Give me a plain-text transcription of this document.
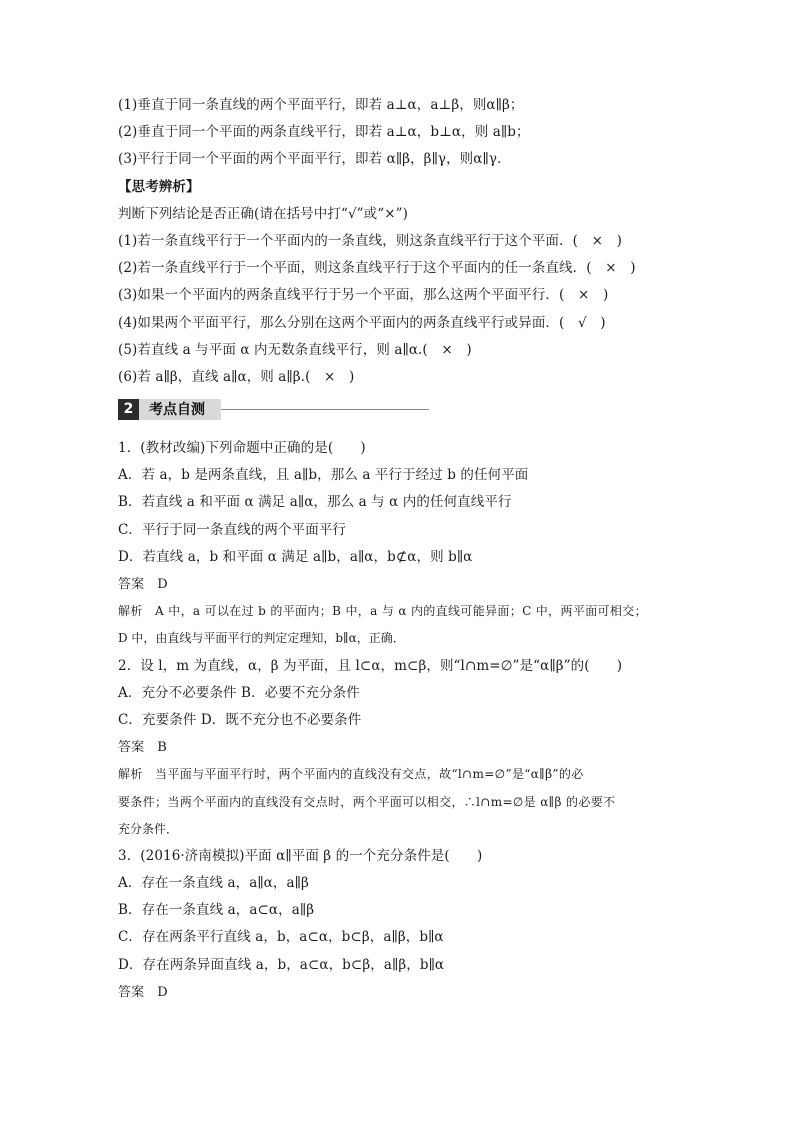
(1)垂直于同一条直线的两个平面平行，即若 a⊥α，a⊥β，则α∥β；
(2)垂直于同一个平面的两条直线平行，即若 a⊥α，b⊥α，则 a∥b；
(3)平行于同一个平面的两个平面平行，即若 α∥β，β∥γ，则α∥γ.
【思考辨析】
判断下列结论是否正确(请在括号中打“√”或“×”)
(1)若一条直线平行于一个平面内的一条直线，则这条直线平行于这个平面．(　×　)
(2)若一条直线平行于一个平面，则这条直线平行于这个平面内的任一条直线．(　×　)
(3)如果一个平面内的两条直线平行于另一个平面，那么这两个平面平行．(　×　)
(4)如果两个平面平行，那么分别在这两个平面内的两条直线平行或异面．(　√　)
(5)若直线 a 与平面 α 内无数条直线平行，则 a∥α.(　×　)
(6)若 a∥β，直线 a∥α，则 a∥β.(　×　)
2	考点自测
1．(教材改编)下列命题中正确的是(　　)
A．若 a，b 是两条直线，且 a∥b，那么 a 平行于经过 b 的任何平面
B．若直线 a 和平面 α 满足 a∥α，那么 a 与 α 内的任何直线平行
C．平行于同一条直线的两个平面平行
D．若直线 a，b 和平面 α 满足 a∥b，a∥α，b⊄α，则 b∥α
答案　D
解析　A 中，a 可以在过 b 的平面内；B 中，a 与 α 内的直线可能异面；C 中，两平面可相交；
D 中，由直线与平面平行的判定定理知，b∥α，正确．
2．设 l，m 为直线，α，β 为平面，且 l⊂α，m⊂β，则“l∩m=∅”是“α∥β”的(　　)
A．充分不必要条件 B．必要不充分条件
C．充要条件 D．既不充分也不必要条件
答案　B
解析　当平面与平面平行时，两个平面内的直线没有交点，故“l∩m=∅”是“α∥β”的必
要条件；当两个平面内的直线没有交点时，两个平面可以相交，∴l∩m=∅是 α∥β 的必要不
充分条件．
3．(2016·济南模拟)平面 α∥平面 β 的一个充分条件是(　　)
A．存在一条直线 a，a∥α，a∥β
B．存在一条直线 a，a⊂α，a∥β
C．存在两条平行直线 a，b，a⊂α，b⊂β，a∥β，b∥α
D．存在两条异面直线 a，b，a⊂α，b⊂β，a∥β，b∥α
答案　D
